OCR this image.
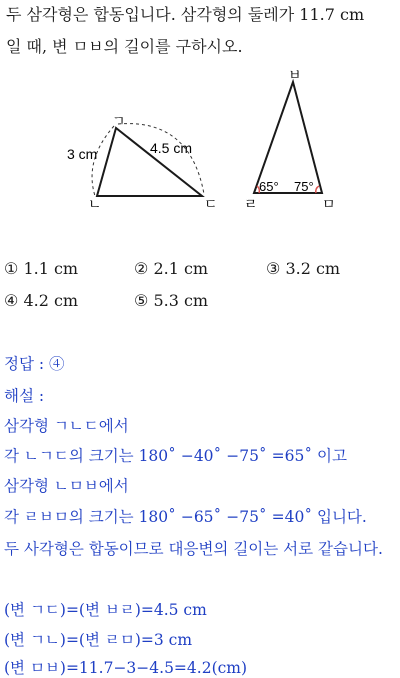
두 삼각형은 합동입니다. 삼각형의 둘레가 11.7 cm
일 때, 변 ㅁㅂ의 길이를 구하시오.
ㄱ
ㄴ	ㄷ
3 cm	4.5 cm
ㅂ
ㄹ	ㅁ
65° 75°
① 1.1 cm	② 2.1 cm	③ 3.2 cm
④ 4.2 cm	⑤ 5.3 cm
정답 : ④
해설 :
삼각형 ㄱㄴㄷ에서
각 ㄴㄱㄷ의 크기는 180˚ −40˚ −75˚ =65˚ 이고
삼각형 ㄴㅁㅂ에서
각 ㄹㅂㅁ의 크기는 180˚ −65˚ −75˚ =40˚ 입니다.
두 사각형은 합동이므로 대응변의 길이는 서로 같습니다.
(변 ㄱㄷ)=(변 ㅂㄹ)=4.5 cm
(변 ㄱㄴ)=(변 ㄹㅁ)=3 cm
(변 ㅁㅂ)=11.7−3−4.5=4.2(cm)
